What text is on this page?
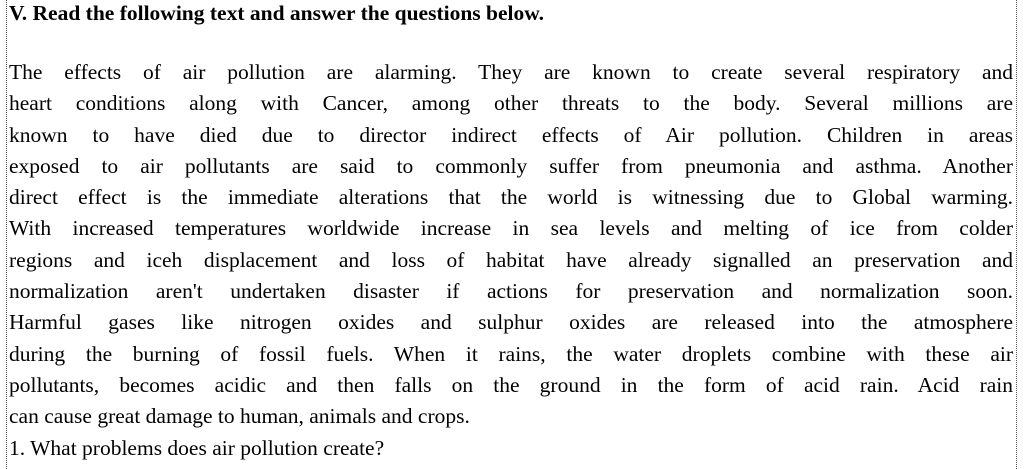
V. Read the following text and answer the questions below.
The effects of air pollution are alarming. They are known to create several respiratory and
heart conditions along with Cancer, among other threats to the body. Several millions are
known to have died due to director indirect effects of Air pollution. Children in areas
exposed to air pollutants are said to commonly suffer from pneumonia and asthma. Another
direct effect is the immediate alterations that the world is witnessing due to Global warming.
With increased temperatures worldwide increase in sea levels and melting of ice from colder
regions and iceh displacement and loss of habitat have already signalled an preservation and
normalization aren't undertaken disaster if actions for preservation and normalization soon.
Harmful gases like nitrogen oxides and sulphur oxides are released into the atmosphere
during the burning of fossil fuels. When it rains, the water droplets combine with these air
pollutants, becomes acidic and then falls on the ground in the form of acid rain. Acid rain
can cause great damage to human, animals and crops.
1. What problems does air pollution create?
